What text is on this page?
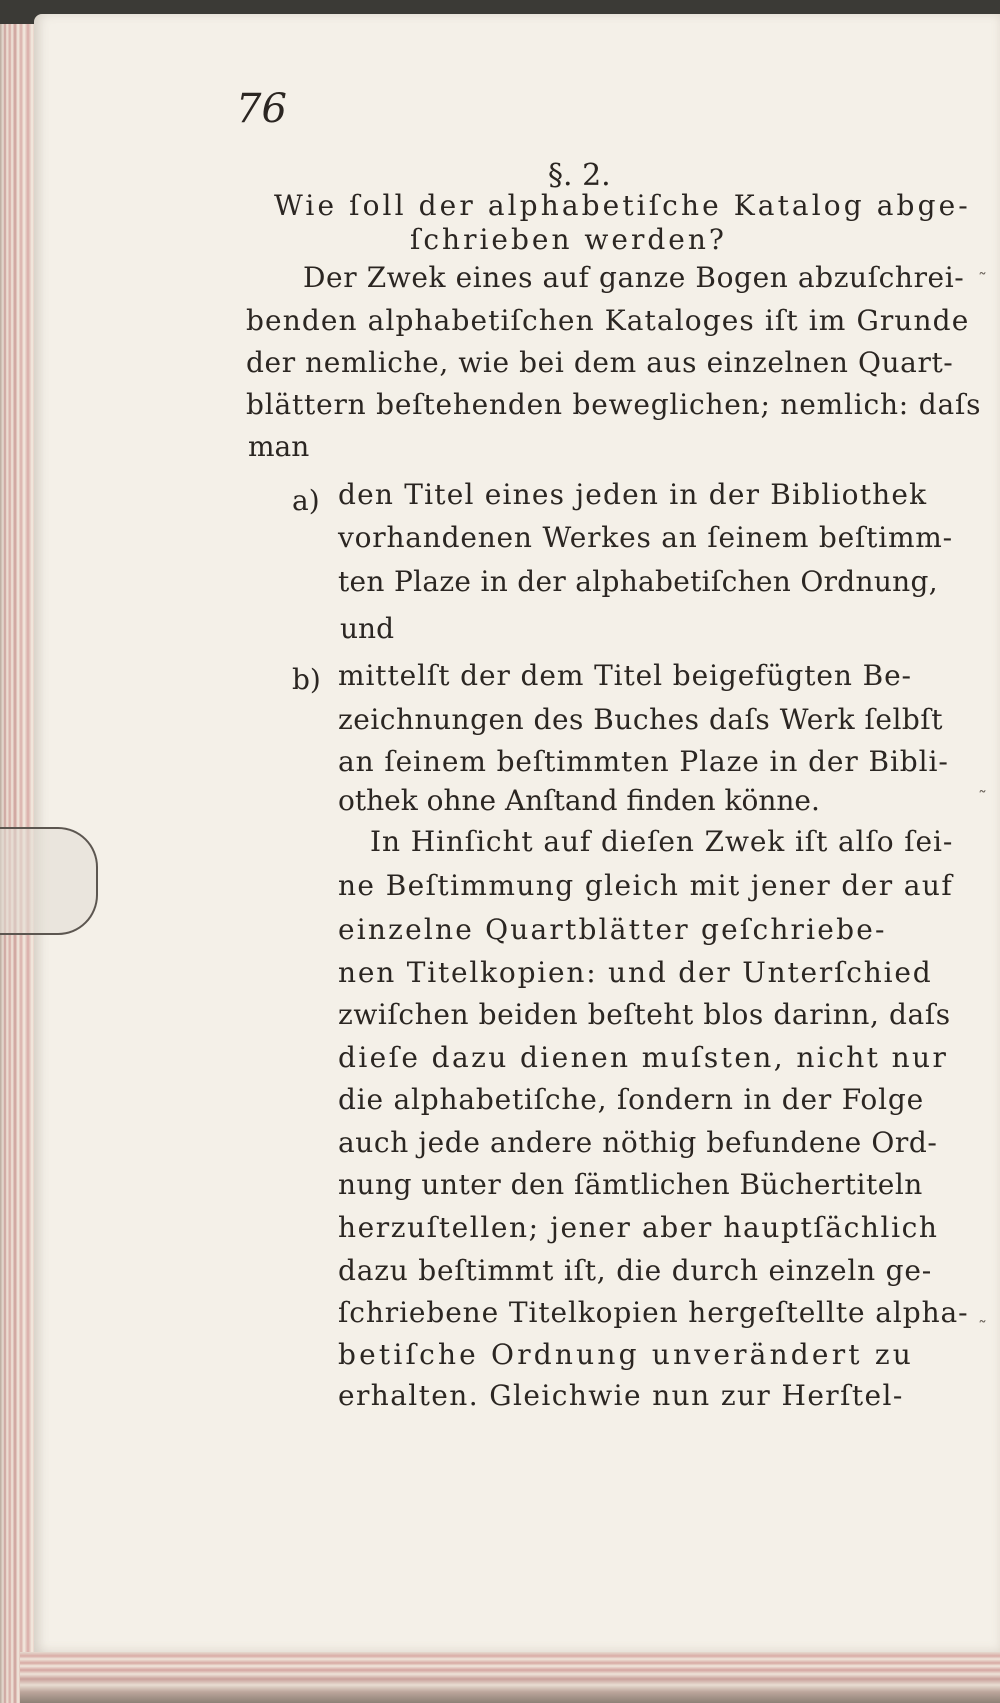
76
§. 2.
Wie ſoll der alphabetiſche Katalog abge-
ſchrieben werden?
Der Zwek eines auf ganze Bogen abzuſchrei-
benden alphabetiſchen Kataloges iſt im Grunde
der nemliche, wie bei dem aus einzelnen Quart-
blättern beſtehenden beweglichen; nemlich: daſs
man
a) den Titel eines jeden in der Bibliothek
vorhandenen Werkes an ſeinem beſtimm-
ten Plaze in der alphabetiſchen Ordnung,
und
b) mittelſt der dem Titel beigefügten Be-
zeichnungen des Buches daſs Werk ſelbſt
an ſeinem beſtimmten Plaze in der Bibli-
othek ohne Anſtand finden könne.
In Hinſicht auf dieſen Zwek iſt alſo ſei-
ne Beſtimmung gleich mit jener der auf
einzelne Quartblätter geſchriebe-
nen Titelkopien: und der Unterſchied
zwiſchen beiden beſteht blos darinn, daſs
dieſe dazu dienen muſsten, nicht nur
die alphabetiſche, ſondern in der Folge
auch jede andere nöthig befundene Ord-
nung unter den ſämtlichen Büchertiteln
herzuſtellen; jener aber hauptſächlich
dazu beſtimmt iſt, die durch einzeln ge-
ſchriebene Titelkopien hergeſtellte alpha-
betiſche Ordnung unverändert zu
erhalten. Gleichwie nun zur Herſtel-
˜
˜
˜
